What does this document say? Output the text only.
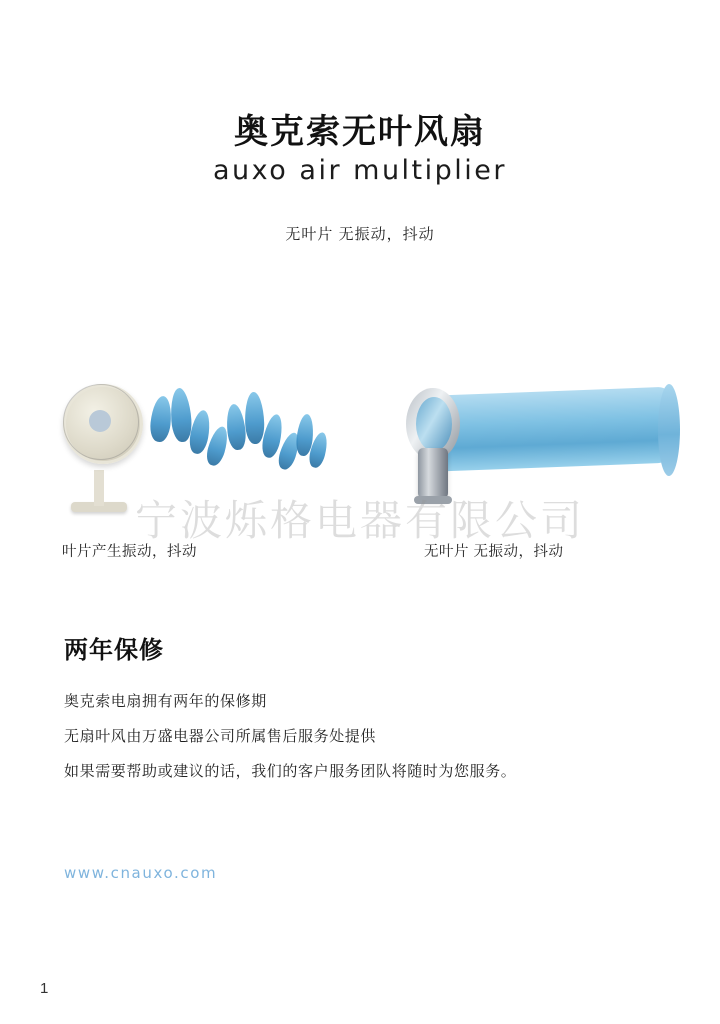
奥克索无叶风扇
auxo air multiplier
无叶片 无振动，抖动
宁波烁格电器有限公司
叶片产生振动，抖动	无叶片 无振动，抖动
两年保修
奥克索电扇拥有两年的保修期
无扇叶风由万盛电器公司所属售后服务处提供
如果需要帮助或建议的话，我们的客户服务团队将随时为您服务。
www.cnauxo.com
1
